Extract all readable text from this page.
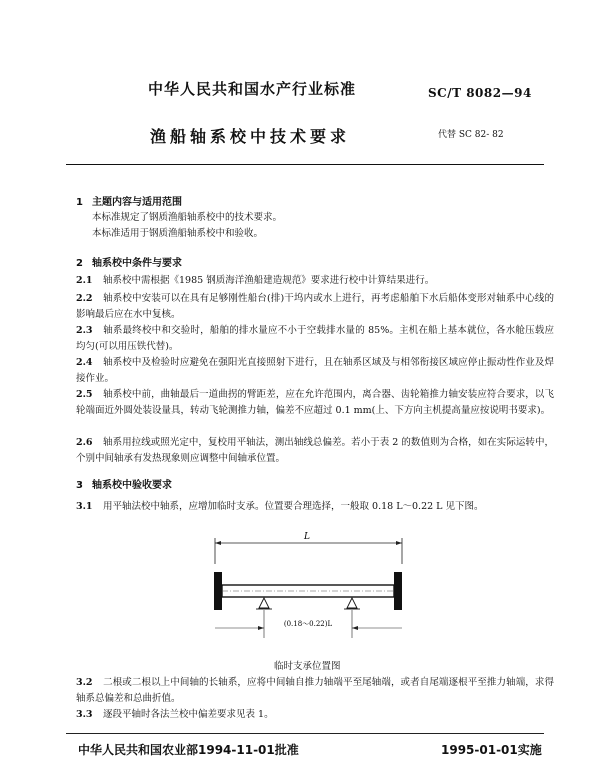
中华人民共和国水产行业标准	SC/T 8082—94
渔船轴系校中技术要求	代替 SC 82- 82
1 主题内容与适用范围
本标准规定了钢质渔船轴系校中的技术要求。
本标准适用于钢质渔船轴系校中和验收。
2 轴系校中条件与要求
2.1 轴系校中需根据《1985 钢质海洋渔船建造规范》要求进行校中计算结果进行。
2.2 轴系校中安装可以在具有足够刚性船台(排)干坞内或水上进行，再考虑船舶下水后船体变形对轴系中心线的影响最后应在水中复核。
2.3 轴系最终校中和交验时，船舶的排水量应不小于空载排水量的 85%。主机在船上基本就位，各水舱压载应均匀(可以用压铁代替)。
2.4 轴系校中及检验时应避免在强阳光直接照射下进行，且在轴系区域及与相邻衔接区域应停止振动性作业及焊接作业。
2.5 轴系校中前，曲轴最后一道曲拐的臂距差，应在允许范围内，离合器、齿轮箱推力轴安装应符合要求，以飞轮端面近外圆处装设量具，转动飞轮测推力轴，偏差不应超过 0.1 mm(上、下方向主机提高量应按说明书要求)。
2.6 轴系用拉线或照光定中，复校用平轴法，测出轴线总偏差。若小于表 2 的数值则为合格，如在实际运转中，个别中间轴承有发热现象则应调整中间轴承位置。
3 轴系校中验收要求
3.1 用平轴法校中轴系，应增加临时支承。位置要合理选择，一般取 0.18 L～0.22 L 见下图。
L
(0.18～0.22)L
临时支承位置图
3.2 二根或二根以上中间轴的长轴系，应将中间轴自推力轴端平至尾轴端，或者自尾端逐根平至推力轴端，求得轴系总偏差和总曲折值。
3.3 逐段平轴时各法兰校中偏差要求见表 1。
中华人民共和国农业部1994-11-01批准	1995-01-01实施
